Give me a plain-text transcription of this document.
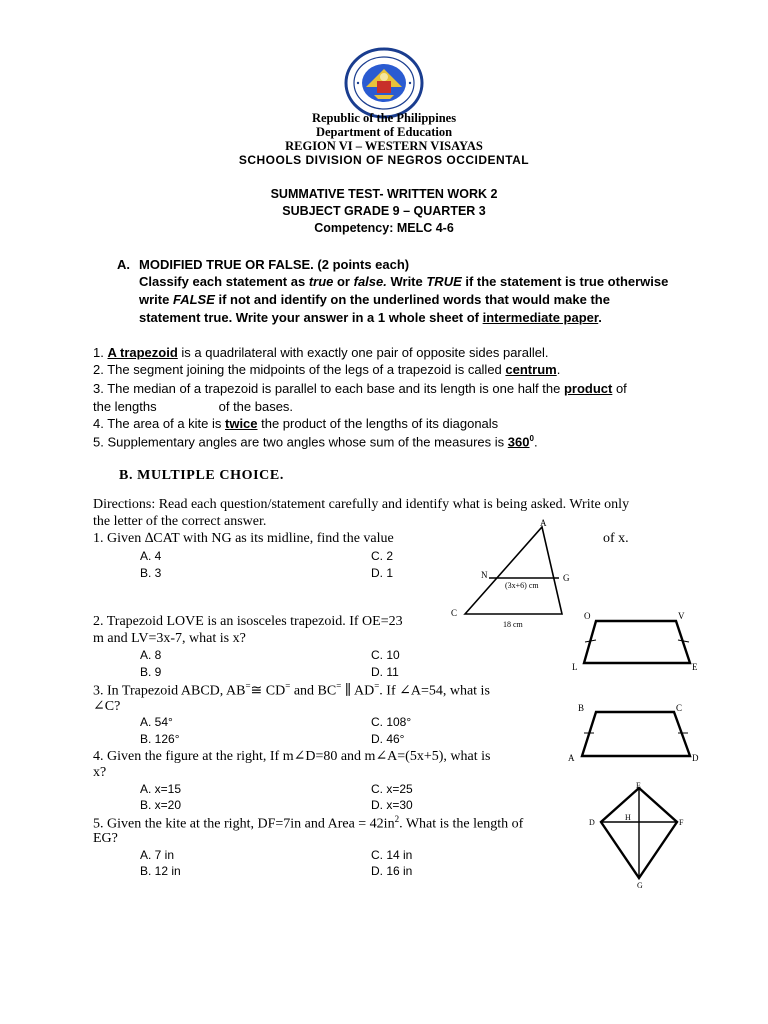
Republic of the Philippines
Department of Education
REGION VI – WESTERN VISAYAS
SCHOOLS DIVISION OF NEGROS OCCIDENTAL
SUMMATIVE TEST- WRITTEN WORK 2
SUBJECT GRADE 9 – QUARTER 3
Competency: MELC 4-6
A. MODIFIED TRUE OR FALSE. (2 points each)
Classify each statement as true or false. Write TRUE if the statement is true otherwise
write FALSE if not and identify on the underlined words that would make the
statement true. Write your answer in a 1 whole sheet of intermediate paper.
1. A trapezoid is a quadrilateral with exactly one pair of opposite sides parallel.
2. The segment joining the midpoints of the legs of a trapezoid is called centrum.
3. The median of a trapezoid is parallel to each base and its length is one half the product of
the lengths	of the bases.
4. The area of a kite is twice the product of the lengths of its diagonals
5. Supplementary angles are two angles whose sum of the measures is $360^0$.
B. MULTIPLE CHOICE.
Directions: Read each question/statement carefully and identify what is being asked. Write only
the letter of the correct answer.
1. Given ∆CAT with NG as its midline, find the value	of x.
A. 4	C. 2
B. 3	D. 1
2. Trapezoid LOVE is an isosceles trapezoid. If OE=23
m and LV=3x-7, what is x?
A. 8	C. 10
B. 9	D. 11
3. In Trapezoid ABCD, AB=≅ CD= and BC= ∥ AD=. If ∠A=54, what is
∠C?
A. 54°	C. 108°
B. 126°	D. 46°
4. Given the figure at the right, If m∠D=80 and m∠A=(5x+5), what is
x?
A. x=15	C. x=25
B. x=20	D. x=30
5. Given the kite at the right, DF=7in and Area = $42in^2$. What is the length of
EG?
A. 7 in	C. 14 in
B. 12 in	D. 16 in
A
N	G
C
(3x+6) cm
18 cm
O	V
L	E
B	C
A	D
E
D
H
F
G
